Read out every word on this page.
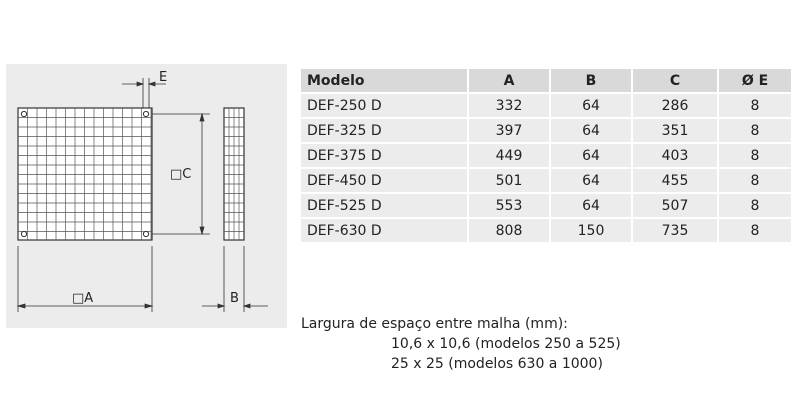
E
□C
□A	B
Modelo	A	B	C	Ø E
DEF-250 D	332	64	286	8
DEF-325 D	397	64	351	8
DEF-375 D	449	64	403	8
DEF-450 D	501	64	455	8
DEF-525 D	553	64	507	8
DEF-630 D	808	150	735	8
Largura de espaço entre malha (mm):
10,6 x 10,6 (modelos 250 a 525)
25 x 25 (modelos 630 a 1000)
